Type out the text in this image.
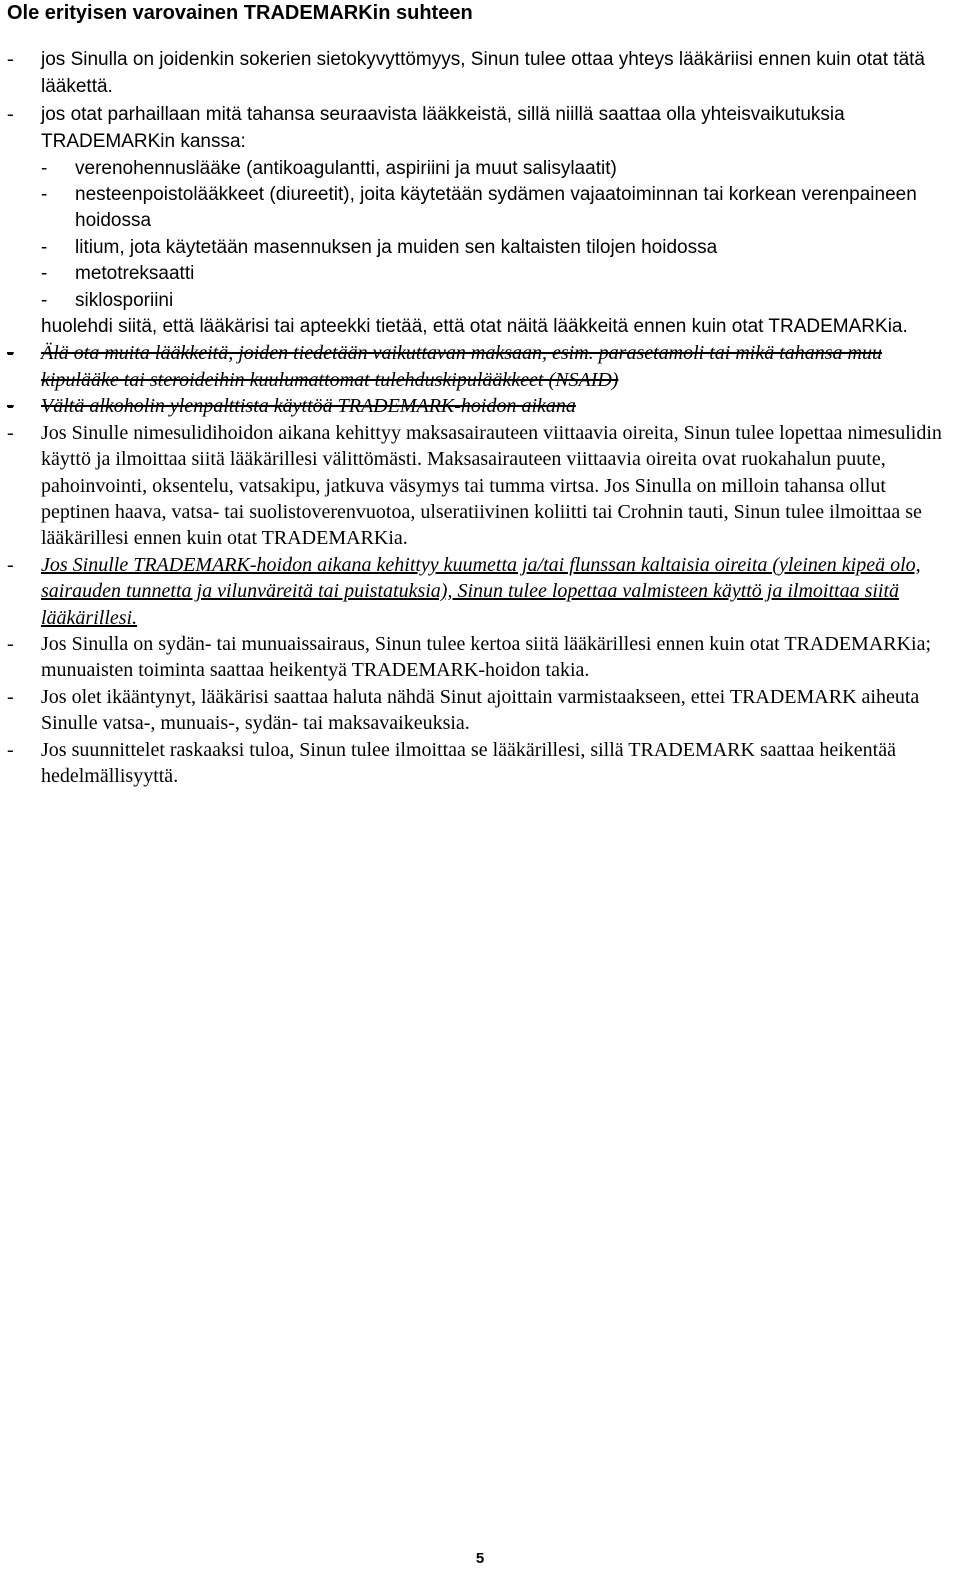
Ole erityisen varovainen TRADEMARKin suhteen
- jos Sinulla on joidenkin sokerien sietokyvyttömyys, Sinun tulee ottaa yhteys lääkäriisi ennen kuin otat tätä lääkettä.
- jos otat parhaillaan mitä tahansa seuraavista lääkkeistä, sillä niillä saattaa olla yhteisvaikutuksia TRADEMARKin kanssa:
- verenohennuslääke (antikoagulantti, aspiriini ja muut salisylaatit)
- nesteenpoistolääkkeet (diureetit), joita käytetään sydämen vajaatoiminnan tai korkean verenpaineen hoidossa
- litium, jota käytetään masennuksen ja muiden sen kaltaisten tilojen hoidossa
- metotreksaatti
- siklosporiini
huolehdi siitä, että lääkärisi tai apteekki tietää, että otat näitä lääkkeitä ennen kuin otat TRADEMARKia.
- Älä ota muita lääkkeitä, joiden tiedetään vaikuttavan maksaan, esim. parasetamoli tai mikä tahansa muu kipulääke tai steroideihin kuulumattomat tulehduskipulääkkeet (NSAID)
- Vältä alkoholin ylenpalttista käyttöä TRADEMARK-hoidon aikana
- Jos Sinulle nimesulidihoidon aikana kehittyy maksasairauteen viittaavia oireita, Sinun tulee lopettaa nimesulidin käyttö ja ilmoittaa siitä lääkärillesi välittömästi. Maksasairauteen viittaavia oireita ovat ruokahalun puute, pahoinvointi, oksentelu, vatsakipu, jatkuva väsymys tai tumma virtsa. Jos Sinulla on milloin tahansa ollut peptinen haava, vatsa- tai suolistoverenvuotoa, ulseratiivinen koliitti tai Crohnin tauti, Sinun tulee ilmoittaa se lääkärillesi ennen kuin otat TRADEMARKia.
- Jos Sinulle TRADEMARK-hoidon aikana kehittyy kuumetta ja/tai flunssan kaltaisia oireita (yleinen kipeä olo, sairauden tunnetta ja vilunväreitä tai puistatuksia), Sinun tulee lopettaa valmisteen käyttö ja ilmoittaa siitä lääkärillesi.
- Jos Sinulla on sydän- tai munuaissairaus, Sinun tulee kertoa siitä lääkärillesi ennen kuin otat TRADEMARKia; munuaisten toiminta saattaa heikentyä TRADEMARK-hoidon takia.
- Jos olet ikääntynyt, lääkärisi saattaa haluta nähdä Sinut ajoittain varmistaakseen, ettei TRADEMARK aiheuta Sinulle vatsa-, munuais-, sydän- tai maksavaikeuksia.
- Jos suunnittelet raskaaksi tuloa, Sinun tulee ilmoittaa se lääkärillesi, sillä TRADEMARK saattaa heikentää hedelmällisyyttä.
5
